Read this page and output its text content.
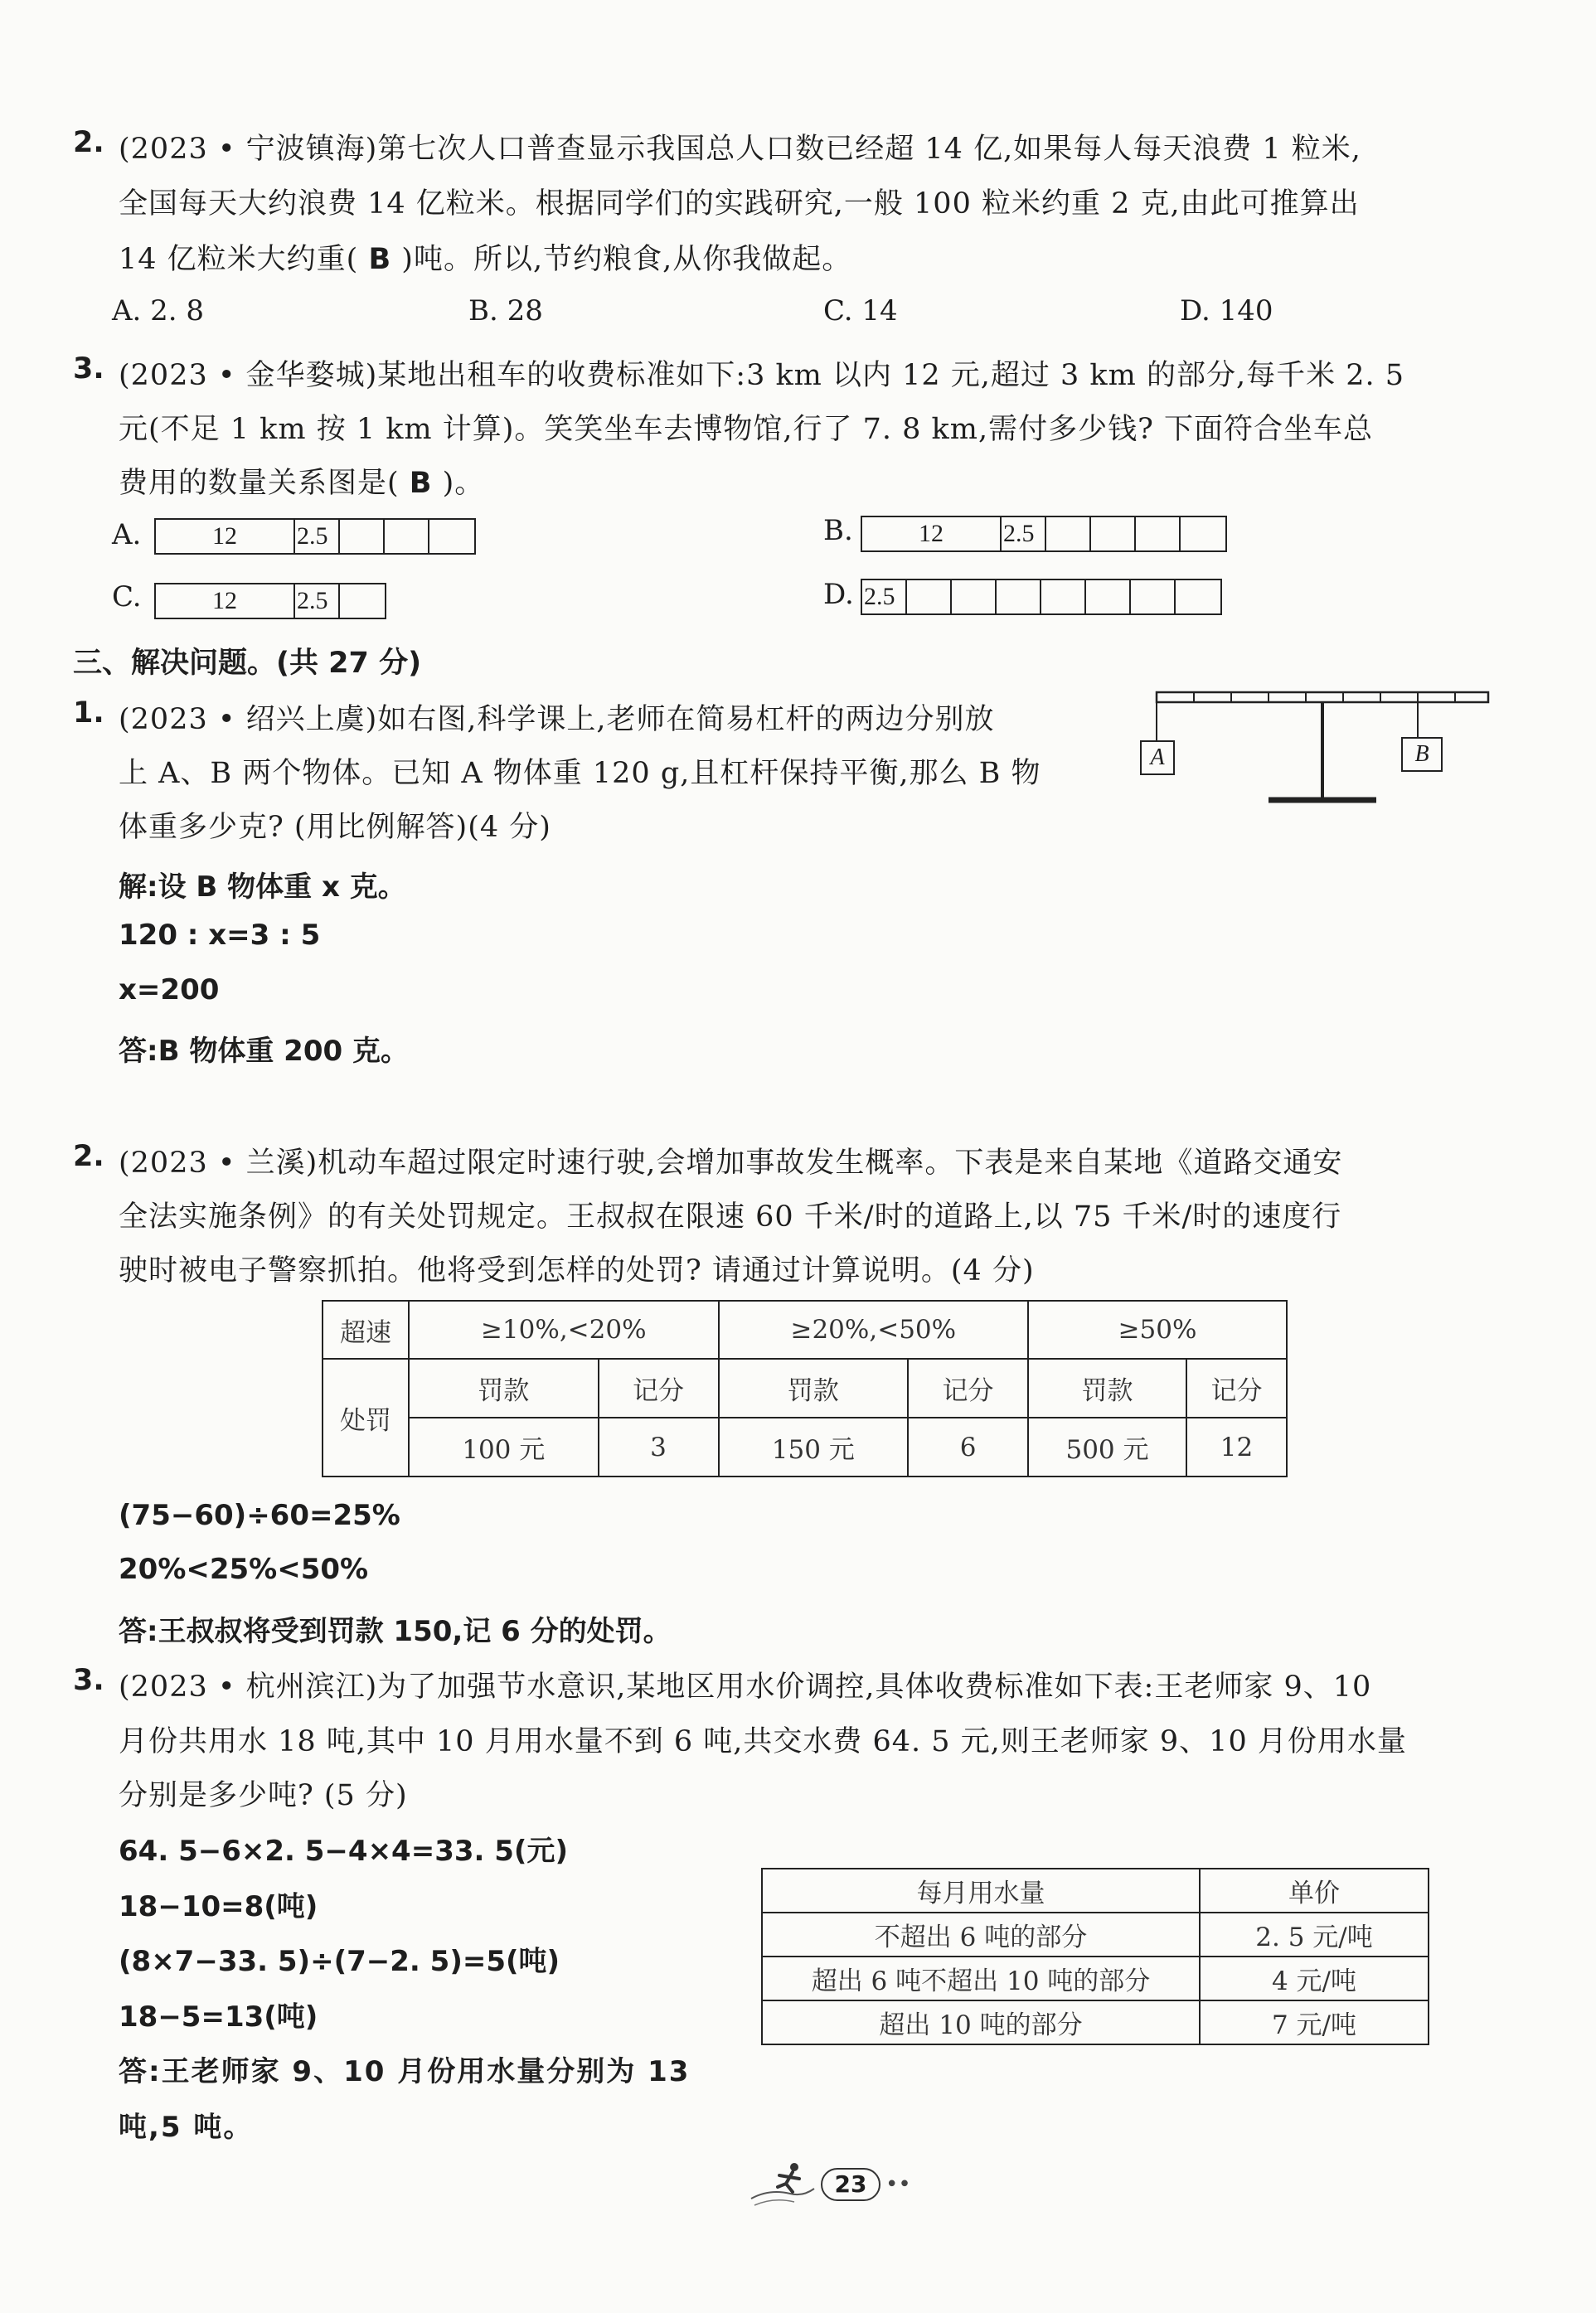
2. (2023 • 宁波镇海)第七次人口普查显示我国总人口数已经超 14 亿,如果每人每天浪费 1 粒米,
全国每天大约浪费 14 亿粒米。根据同学们的实践研究,一般 100 粒米约重 2 克,由此可推算出
14 亿粒米大约重( B )吨。所以,节约粮食,从你我做起。
A. 2. 8	B. 28	C. 14	D. 140
3. (2023 • 金华婺城)某地出租车的收费标准如下:3 km 以内 12 元,超过 3 km 的部分,每千米 2. 5
元(不足 1 km 按 1 km 计算)。笑笑坐车去博物馆,行了 7. 8 km,需付多少钱? 下面符合坐车总
费用的数量关系图是( B )。
A.	12	2.5	B.	12	2.5
C.	12	2.5	D. 2.5
三、解决问题。(共 27 分)
1. (2023 • 绍兴上虞)如右图,科学课上,老师在简易杠杆的两边分别放
上 A、B 两个物体。已知 A 物体重 120 g,且杠杆保持平衡,那么 B 物
体重多少克? (用比例解答)(4 分)
A	B
解:设 B 物体重 x 克。
120 : x=3 : 5
x=200
答:B 物体重 200 克。
2. (2023 • 兰溪)机动车超过限定时速行驶,会增加事故发生概率。下表是来自某地《道路交通安
全法实施条例》的有关处罚规定。王叔叔在限速 60 千米/时的道路上,以 75 千米/时的速度行
驶时被电子警察抓拍。他将受到怎样的处罚? 请通过计算说明。(4 分)
超速	≥10%,<20%		≥20%,<50%		≥50%	
处罚	罚款	记分	罚款	记分	罚款	记分
	100 元	3	150 元	6	500 元	12
(75−60)÷60=25%
20%<25%<50%
答:王叔叔将受到罚款 150,记 6 分的处罚。
3. (2023 • 杭州滨江)为了加强节水意识,某地区用水价调控,具体收费标准如下表:王老师家 9、10
月份共用水 18 吨,其中 10 月用水量不到 6 吨,共交水费 64. 5 元,则王老师家 9、10 月份用水量
分别是多少吨? (5 分)
64. 5−6×2. 5−4×4=33. 5(元)
18−10=8(吨)
(8×7−33. 5)÷(7−2. 5)=5(吨)
18−5=13(吨)
答:王老师家 9、10 月份用水量分别为 13
吨,5 吨。
每月用水量	单价
不超出 6 吨的部分	2. 5 元/吨
超出 6 吨不超出 10 吨的部分	4 元/吨
超出 10 吨的部分	7 元/吨
23 ••
